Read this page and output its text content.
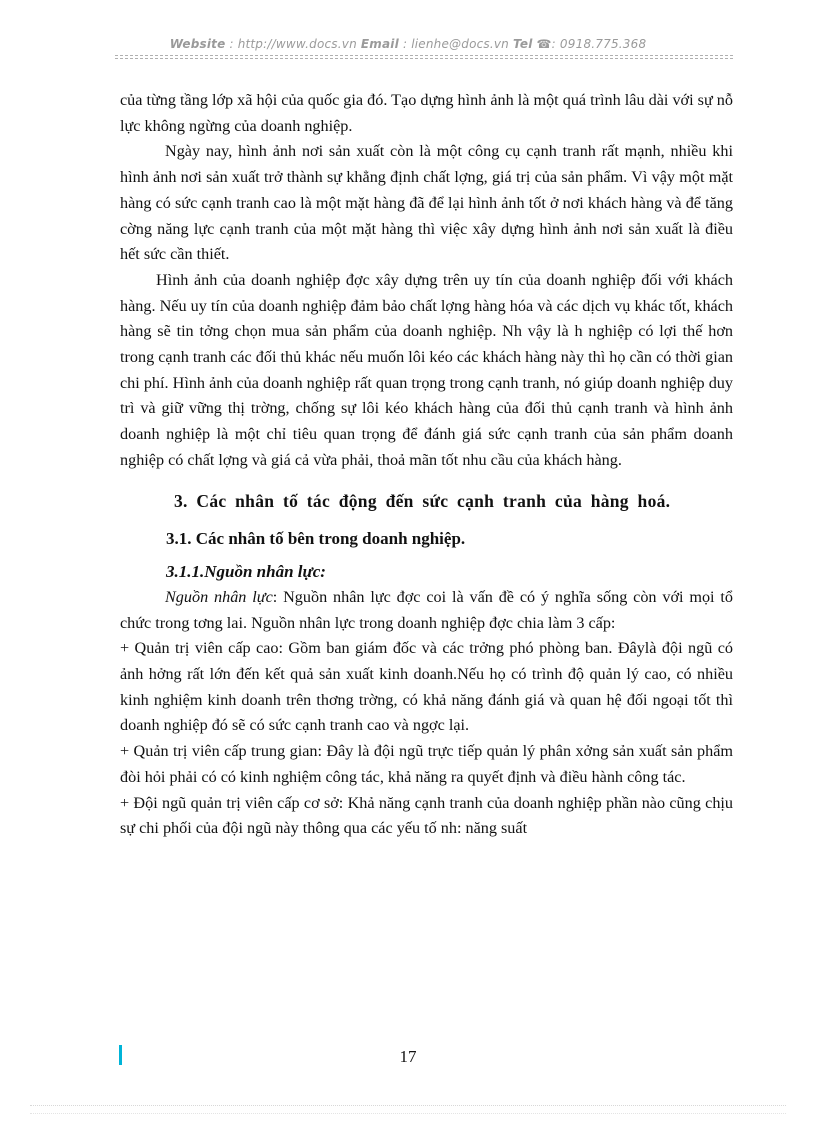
Website : http://www.docs.vn Email : lienhe@docs.vn Tel ☎: 0918.775.368

của từng tầng lớp xã hội của quốc gia đó. Tạo dựng hình ảnh là một quá trình lâu dài với sự nỗ lực không ngừng của doanh nghiệp.

Ngày nay, hình ảnh nơi sản xuất còn là một công cụ cạnh tranh rất mạnh, nhiều khi hình ảnh nơi sản xuất trở thành sự khẳng định chất lợng, giá trị của sản phẩm. Vì vậy một mặt hàng có sức cạnh tranh cao là một mặt hàng đã để lại hình ảnh tốt ở nơi khách hàng và để tăng cờng năng lực cạnh tranh của một mặt hàng thì việc xây dựng hình ảnh nơi sản xuất là điều hết sức cần thiết.

Hình ảnh của doanh nghiệp đợc xây dựng trên uy tín của doanh nghiệp đối với khách hàng. Nếu uy tín của doanh nghiệp đảm bảo chất lợng hàng hóa và các dịch vụ khác tốt, khách hàng sẽ tin tởng chọn mua sản phẩm của doanh nghiệp. Nh vậy là h nghiệp có lợi thế hơn trong cạnh tranh các đối thủ khác nếu muốn lôi kéo các khách hàng này thì họ cần có thời gian chi phí. Hình ảnh của doanh nghiệp rất quan trọng trong cạnh tranh, nó giúp doanh nghiệp duy trì và giữ vững thị trờng, chống sự lôi kéo khách hàng của đối thủ cạnh tranh và hình ảnh doanh nghiệp là một chỉ tiêu quan trọng để đánh giá sức cạnh tranh của sản phẩm doanh nghiệp có chất lợng và giá cả vừa phải, thoả mãn tốt nhu cầu của khách hàng.

3. Các nhân tố tác động đến sức cạnh tranh của hàng hoá.

3.1. Các nhân tố bên trong doanh nghiệp.

3.1.1.Nguồn nhân lực:

Nguồn nhân lực: Nguồn nhân lực đợc coi là vấn đề có ý nghĩa sống còn với mọi tổ chức trong tơng lai. Nguồn nhân lực trong doanh nghiệp đợc chia làm 3 cấp:

+ Quản trị viên cấp cao: Gồm ban giám đốc và các trởng phó phòng ban. Đâylà đội ngũ có ảnh hởng rất lớn đến kết quả sản xuất kinh doanh.Nếu họ có trình độ quản lý cao, có nhiều kinh nghiệm kinh doanh trên thơng trờng, có khả năng đánh giá và quan hệ đối ngoại tốt thì doanh nghiệp đó sẽ có sức cạnh tranh cao và ngợc lại.

+ Quản trị viên cấp trung gian: Đây là đội ngũ trực tiếp quản lý phân xởng sản xuất sản phẩm đòi hỏi phải có có kinh nghiệm công tác, khả năng ra quyết định và điều hành công tác.

+ Đội ngũ quản trị viên cấp cơ sở: Khả năng cạnh tranh của doanh nghiệp phần nào cũng chịu sự chi phối của đội ngũ này thông qua các yếu tố nh: năng suất

17
